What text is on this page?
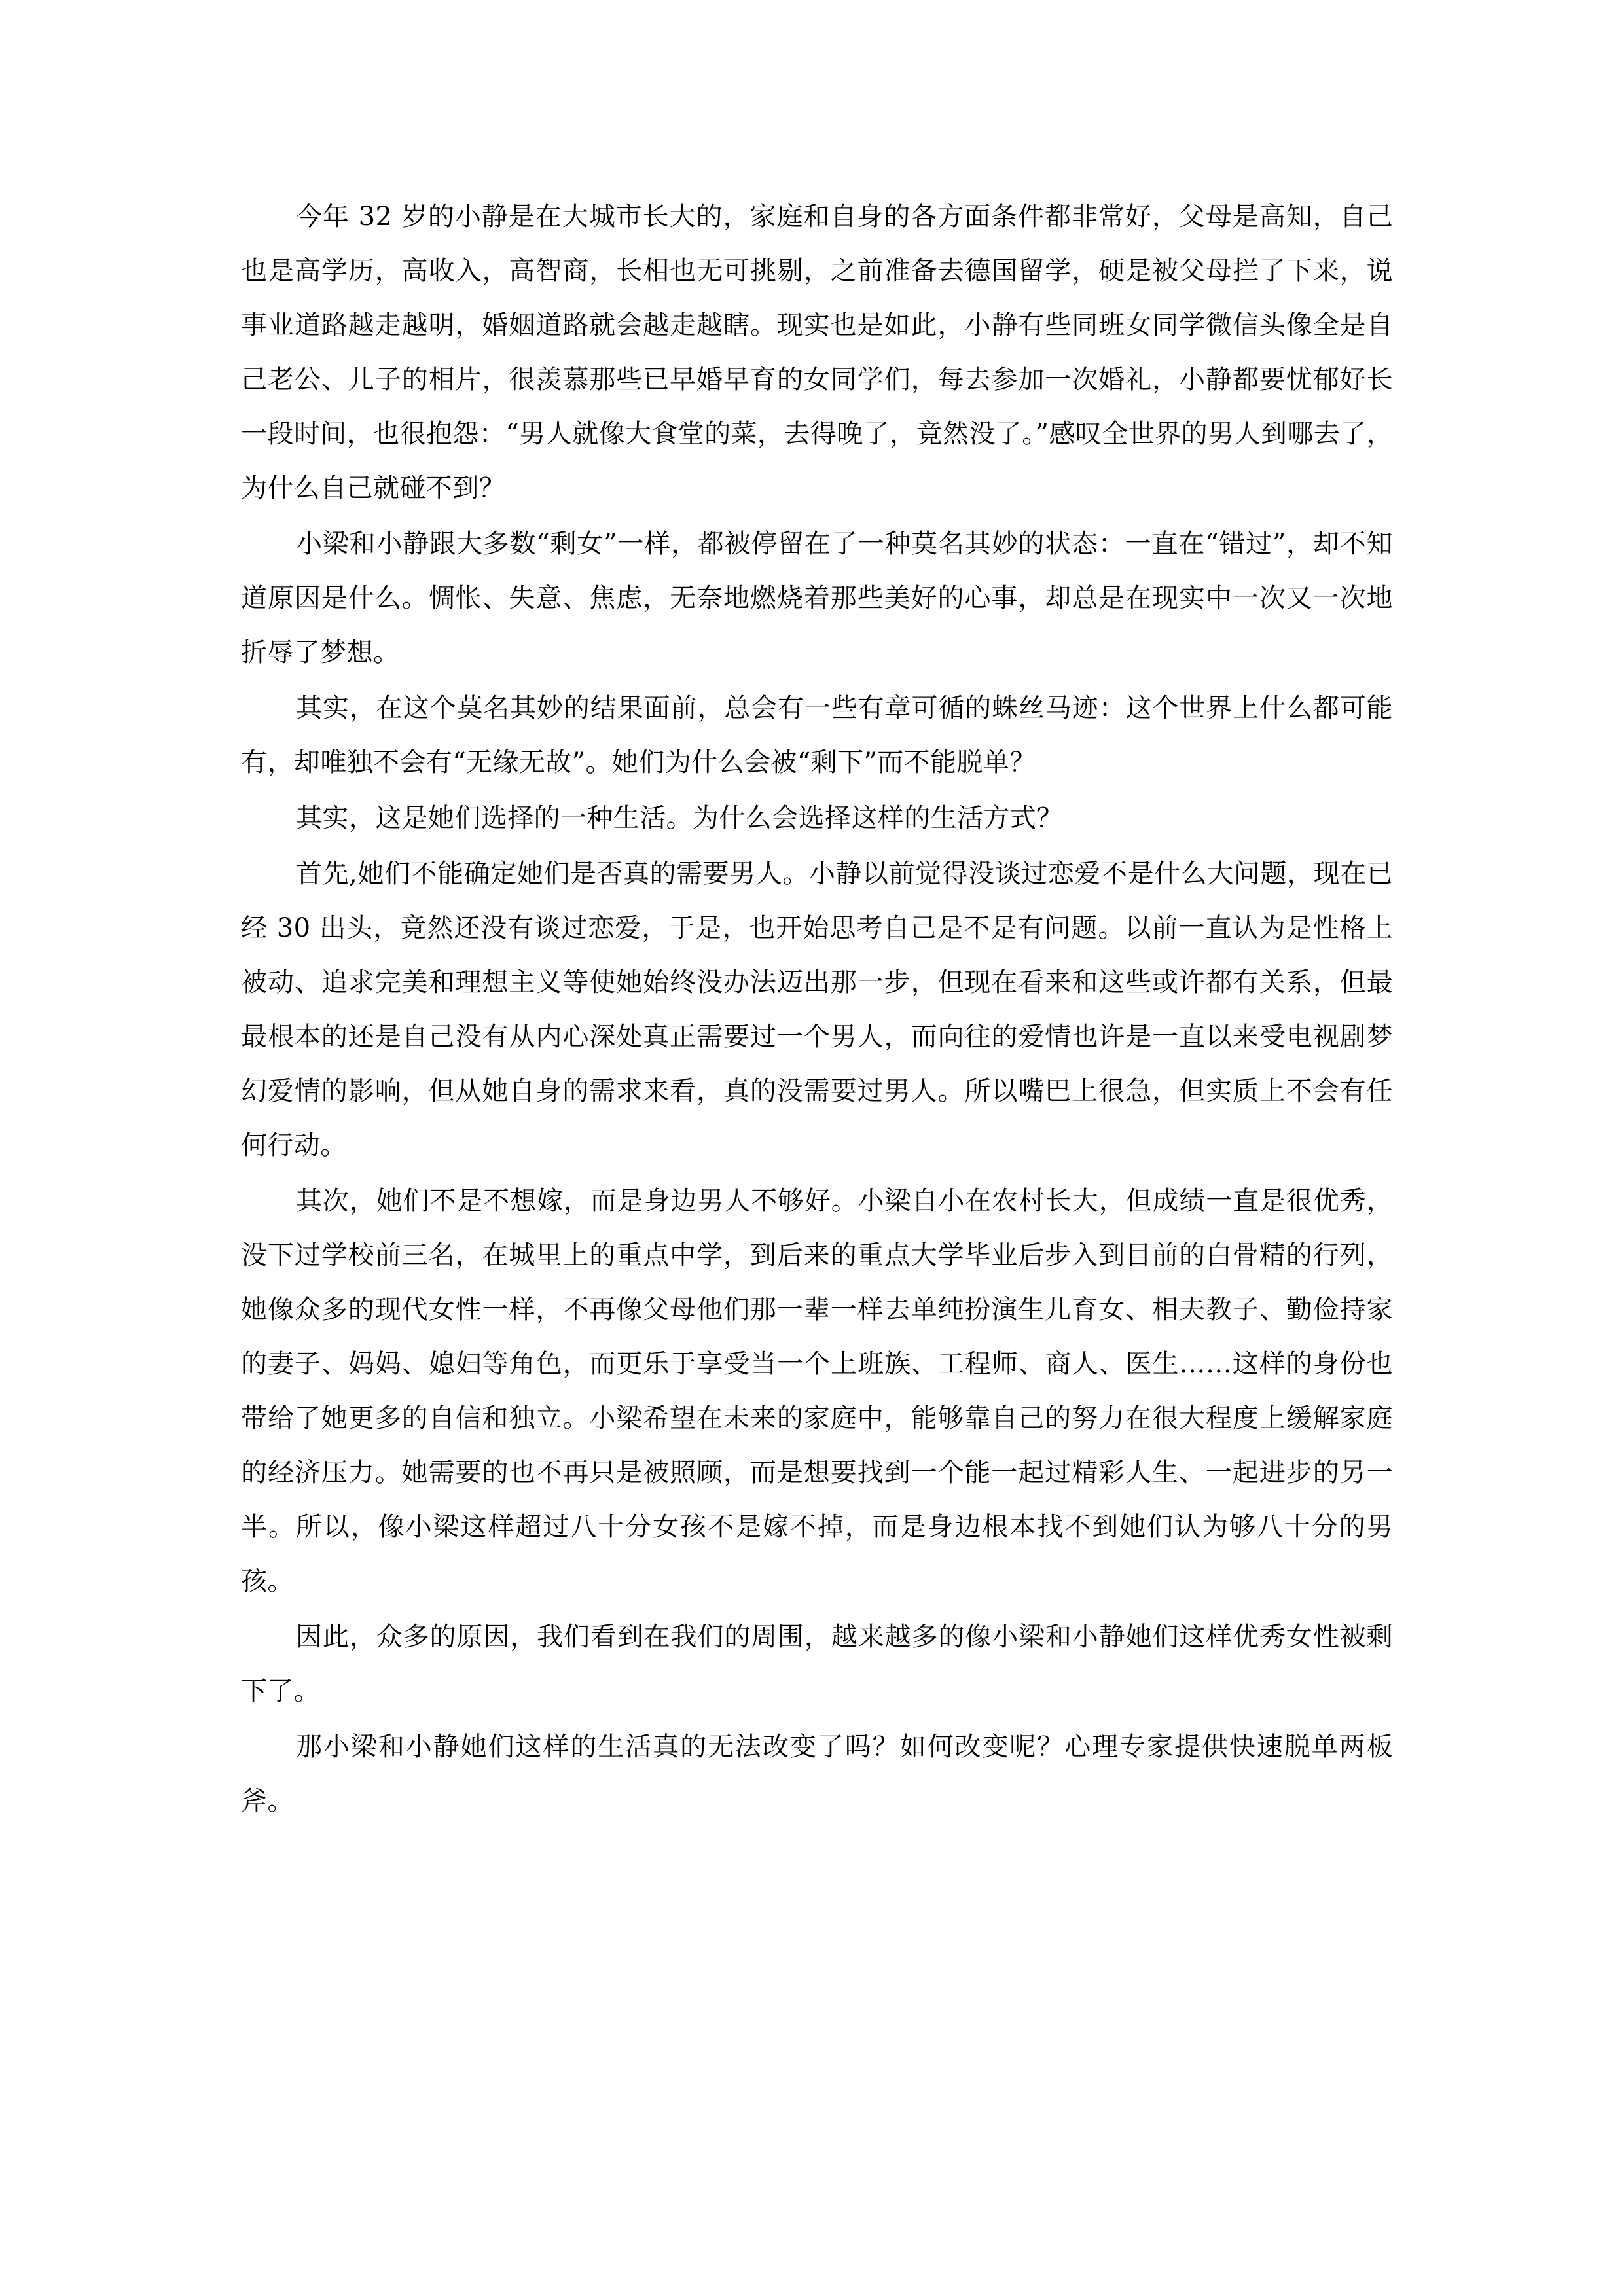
今年 32 岁的小静是在大城市长大的，家庭和自身的各方面条件都非常好，父母是高知，自己也是高学历，高收入，高智商，长相也无可挑剔，之前准备去德国留学，硬是被父母拦了下来，说事业道路越走越明，婚姻道路就会越走越瞎。现实也是如此，小静有些同班女同学微信头像全是自己老公、儿子的相片，很羡慕那些已早婚早育的女同学们，每去参加一次婚礼，小静都要忧郁好长一段时间，也很抱怨：“男人就像大食堂的菜，去得晚了，竟然没了。”感叹全世界的男人到哪去了，为什么自己就碰不到？

小梁和小静跟大多数“剩女”一样，都被停留在了一种莫名其妙的状态：一直在“错过”，却不知道原因是什么。惆怅、失意、焦虑，无奈地燃烧着那些美好的心事，却总是在现实中一次又一次地折辱了梦想。

其实，在这个莫名其妙的结果面前，总会有一些有章可循的蛛丝马迹：这个世界上什么都可能有，却唯独不会有“无缘无故”。她们为什么会被“剩下”而不能脱单？

其实，这是她们选择的一种生活。为什么会选择这样的生活方式？

首先,她们不能确定她们是否真的需要男人。小静以前觉得没谈过恋爱不是什么大问题，现在已经 30 出头，竟然还没有谈过恋爱，于是，也开始思考自己是不是有问题。以前一直认为是性格上被动、追求完美和理想主义等使她始终没办法迈出那一步，但现在看来和这些或许都有关系，但最最根本的还是自己没有从内心深处真正需要过一个男人，而向往的爱情也许是一直以来受电视剧梦幻爱情的影响，但从她自身的需求来看，真的没需要过男人。所以嘴巴上很急，但实质上不会有任何行动。

其次，她们不是不想嫁，而是身边男人不够好。小梁自小在农村长大，但成绩一直是很优秀，没下过学校前三名，在城里上的重点中学，到后来的重点大学毕业后步入到目前的白骨精的行列，她像众多的现代女性一样，不再像父母他们那一辈一样去单纯扮演生儿育女、相夫教子、勤俭持家的妻子、妈妈、媳妇等角色，而更乐于享受当一个上班族、工程师、商人、医生……这样的身份也带给了她更多的自信和独立。小梁希望在未来的家庭中，能够靠自己的努力在很大程度上缓解家庭的经济压力。她需要的也不再只是被照顾，而是想要找到一个能一起过精彩人生、一起进步的另一半。所以，像小梁这样超过八十分女孩不是嫁不掉，而是身边根本找不到她们认为够八十分的男孩。

因此，众多的原因，我们看到在我们的周围，越来越多的像小梁和小静她们这样优秀女性被剩下了。

那小梁和小静她们这样的生活真的无法改变了吗？如何改变呢？心理专家提供快速脱单两板斧。
